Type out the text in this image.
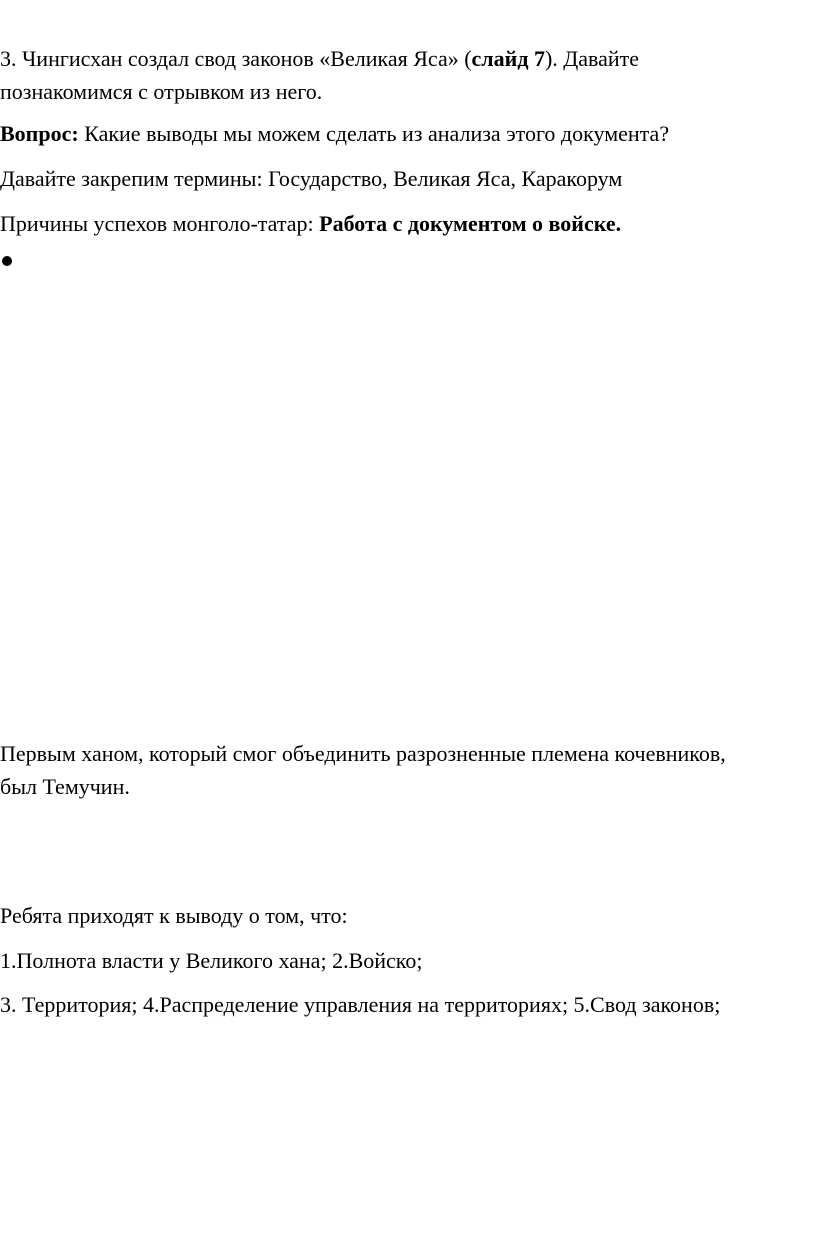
3. Чингисхан создал свод законов «Великая Яса» (слайд 7). Давайте

познакомимся с отрывком из него.

Вопрос: Какие выводы мы можем сделать из анализа этого документа?

Давайте закрепим термины: Государство, Великая Яса, Каракорум

Причины успехов монголо-татар: Работа с документом о войске.

Первым ханом, который смог объединить разрозненные племена кочевников,

был Темучин.

Ребята приходят к выводу о том, что:

1.Полнота власти у Великого хана; 2.Войско;

3. Территория; 4.Распределение управления на территориях; 5.Свод законов;
